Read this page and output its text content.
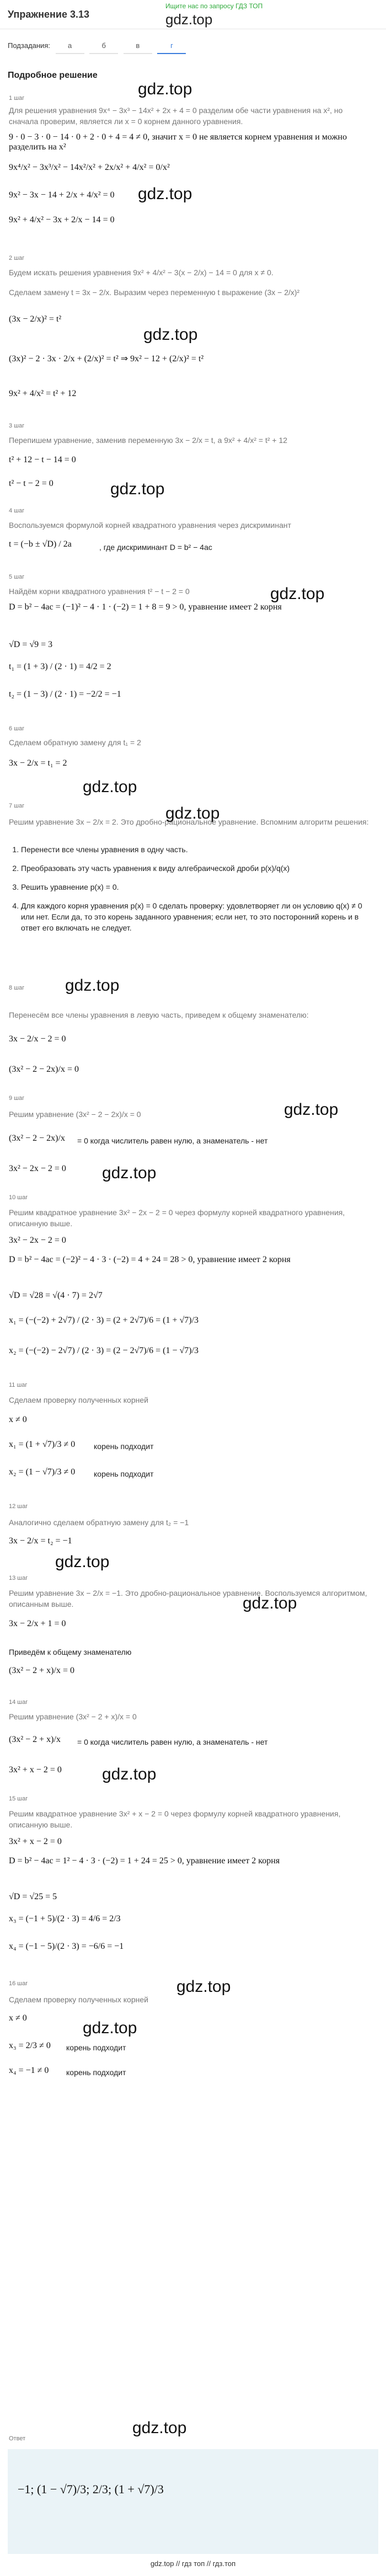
Упражнение 3.13
Ищите нас по запросу ГДЗ ТОП
gdz.top
Подзадания: а	б	в	г
Подробное решение
1 шаг
Для решения уравнения 9x⁴ − 3x³ − 14x² + 2x + 4 = 0 разделим обе части уравнения на x², но сначала проверим, является ли x = 0 корнем данного уравнения.
9 · 0 − 3 · 0 − 14 · 0 + 2 · 0 + 4 = 4 ≠ 0, значит x = 0 не является корнем уравнения и можно разделить на x²
9x⁴/x² − 3x³/x² − 14x²/x² + 2x/x² + 4/x² = 0/x²
9x² − 3x − 14 + 2/x + 4/x² = 0
9x² + 4/x² − 3x + 2/x − 14 = 0
gdz.top
gdz.top
2 шаг
Будем искать решения уравнения 9x² + 4/x² − 3(x − 2/x) − 14 = 0 для x ≠ 0.
Сделаем замену t = 3x − 2/x. Выразим через переменную t выражение (3x − 2/x)²
(3x − 2/x)² = t²
(3x)² − 2 · 3x · 2/x + (2/x)² = t² ⇒ 9x² − 12 + (2/x)² = t²
9x² + 4/x² = t² + 12
gdz.top
3 шаг
Перепишем уравнение, заменив переменную 3x − 2/x = t, а 9x² + 4/x² = t² + 12
t² + 12 − t − 14 = 0
t² − t − 2 = 0	gdz.top
4 шаг
Воспользуемся формулой корней квадратного уравнения через дискриминант
t = (−b ± √D) / 2a	, где дискриминант D = b² − 4ac
5 шаг
Найдём корни квадратного уравнения t² − t − 2 = 0
D = b² − 4ac = (−1)² − 4 · 1 · (−2) = 1 + 8 = 9 > 0, уравнение имеет 2 корня
√D = √9 = 3
t₁ = (1 + 3) / (2 · 1) = 4/2 = 2
t₂ = (1 − 3) / (2 · 1) = −2/2 = −1
gdz.top
6 шаг
Сделаем обратную замену для t₁ = 2
3x − 2/x = t₁ = 2
gdz.top
7 шаг
Решим уравнение 3x − 2/x = 2. Это дробно-рациональное уравнение. Вспомним алгоритм решения:
gdz.top
1. Перенести все члены уравнения в одну часть.
2. Преобразовать эту часть уравнения к виду алгебраической дроби p(x)/q(x)
3. Решить уравнение p(x) = 0.
4. Для каждого корня уравнения p(x) = 0 сделать проверку: удовлетворяет ли он условию q(x) ≠ 0 или нет. Если да, то это корень заданного уравнения; если нет, то это посторонний корень и в ответ его включать не следует.
8 шаг gdz.top
Перенесём все члены уравнения в левую часть, приведем к общему знаменателю:
3x − 2/x − 2 = 0
(3x² − 2 − 2x)/x = 0
9 шаг
Решим уравнение (3x² − 2 − 2x)/x = 0	gdz.top
(3x² − 2 − 2x)/x = 0 когда числитель равен нулю, а знаменатель - нет
3x² − 2x − 2 = 0 gdz.top
10 шаг
Решим квадратное уравнение 3x² − 2x − 2 = 0 через формулу корней квадратного уравнения, описанную выше.
3x² − 2x − 2 = 0
D = b² − 4ac = (−2)² − 4 · 3 · (−2) = 4 + 24 = 28 > 0, уравнение имеет 2 корня
√D = √28 = √(4 · 7) = 2√7
x₁ = (−(−2) + 2√7) / (2 · 3) = (2 + 2√7)/6 = (1 + √7)/3
x₂ = (−(−2) − 2√7) / (2 · 3) = (2 − 2√7)/6 = (1 − √7)/3
11 шаг
Сделаем проверку полученных корней
x ≠ 0
x₁ = (1 + √7)/3 ≠ 0 корень подходит
x₂ = (1 − √7)/3 ≠ 0 корень подходит
12 шаг
Аналогично сделаем обратную замену для t₂ = −1
3x − 2/x = t₂ = −1
gdz.top
13 шаг
Решим уравнение 3x − 2/x = −1. Это дробно-рациональное уравнение. Воспользуемся алгоритмом, описанным выше.
3x − 2/x + 1 = 0
gdz.top
Приведём к общему знаменателю
(3x² − 2 + x)/x = 0
14 шаг
Решим уравнение (3x² − 2 + x)/x = 0
(3x² − 2 + x)/x = 0 когда числитель равен нулю, а знаменатель - нет
3x² + x − 2 = 0 gdz.top
15 шаг
Решим квадратное уравнение 3x² + x − 2 = 0 через формулу корней квадратного уравнения, описанную выше.
3x² + x − 2 = 0
D = b² − 4ac = 1² − 4 · 3 · (−2) = 1 + 24 = 25 > 0, уравнение имеет 2 корня
√D = √25 = 5
x₃ = (−1 + 5)/(2 · 3) = 4/6 = 2/3
x₄ = (−1 − 5)/(2 · 3) = −6/6 = −1
16 шаг	gdz.top
Сделаем проверку полученных корней
x ≠ 0
gdz.top
x₃ = 2/3 ≠ 0 корень подходит
x₄ = −1 ≠ 0 корень подходит
Ответ
−1; (1 − √7)/3; 2/3; (1 + √7)/3
gdz.top
gdz.top // гдз топ // гдз.топ
